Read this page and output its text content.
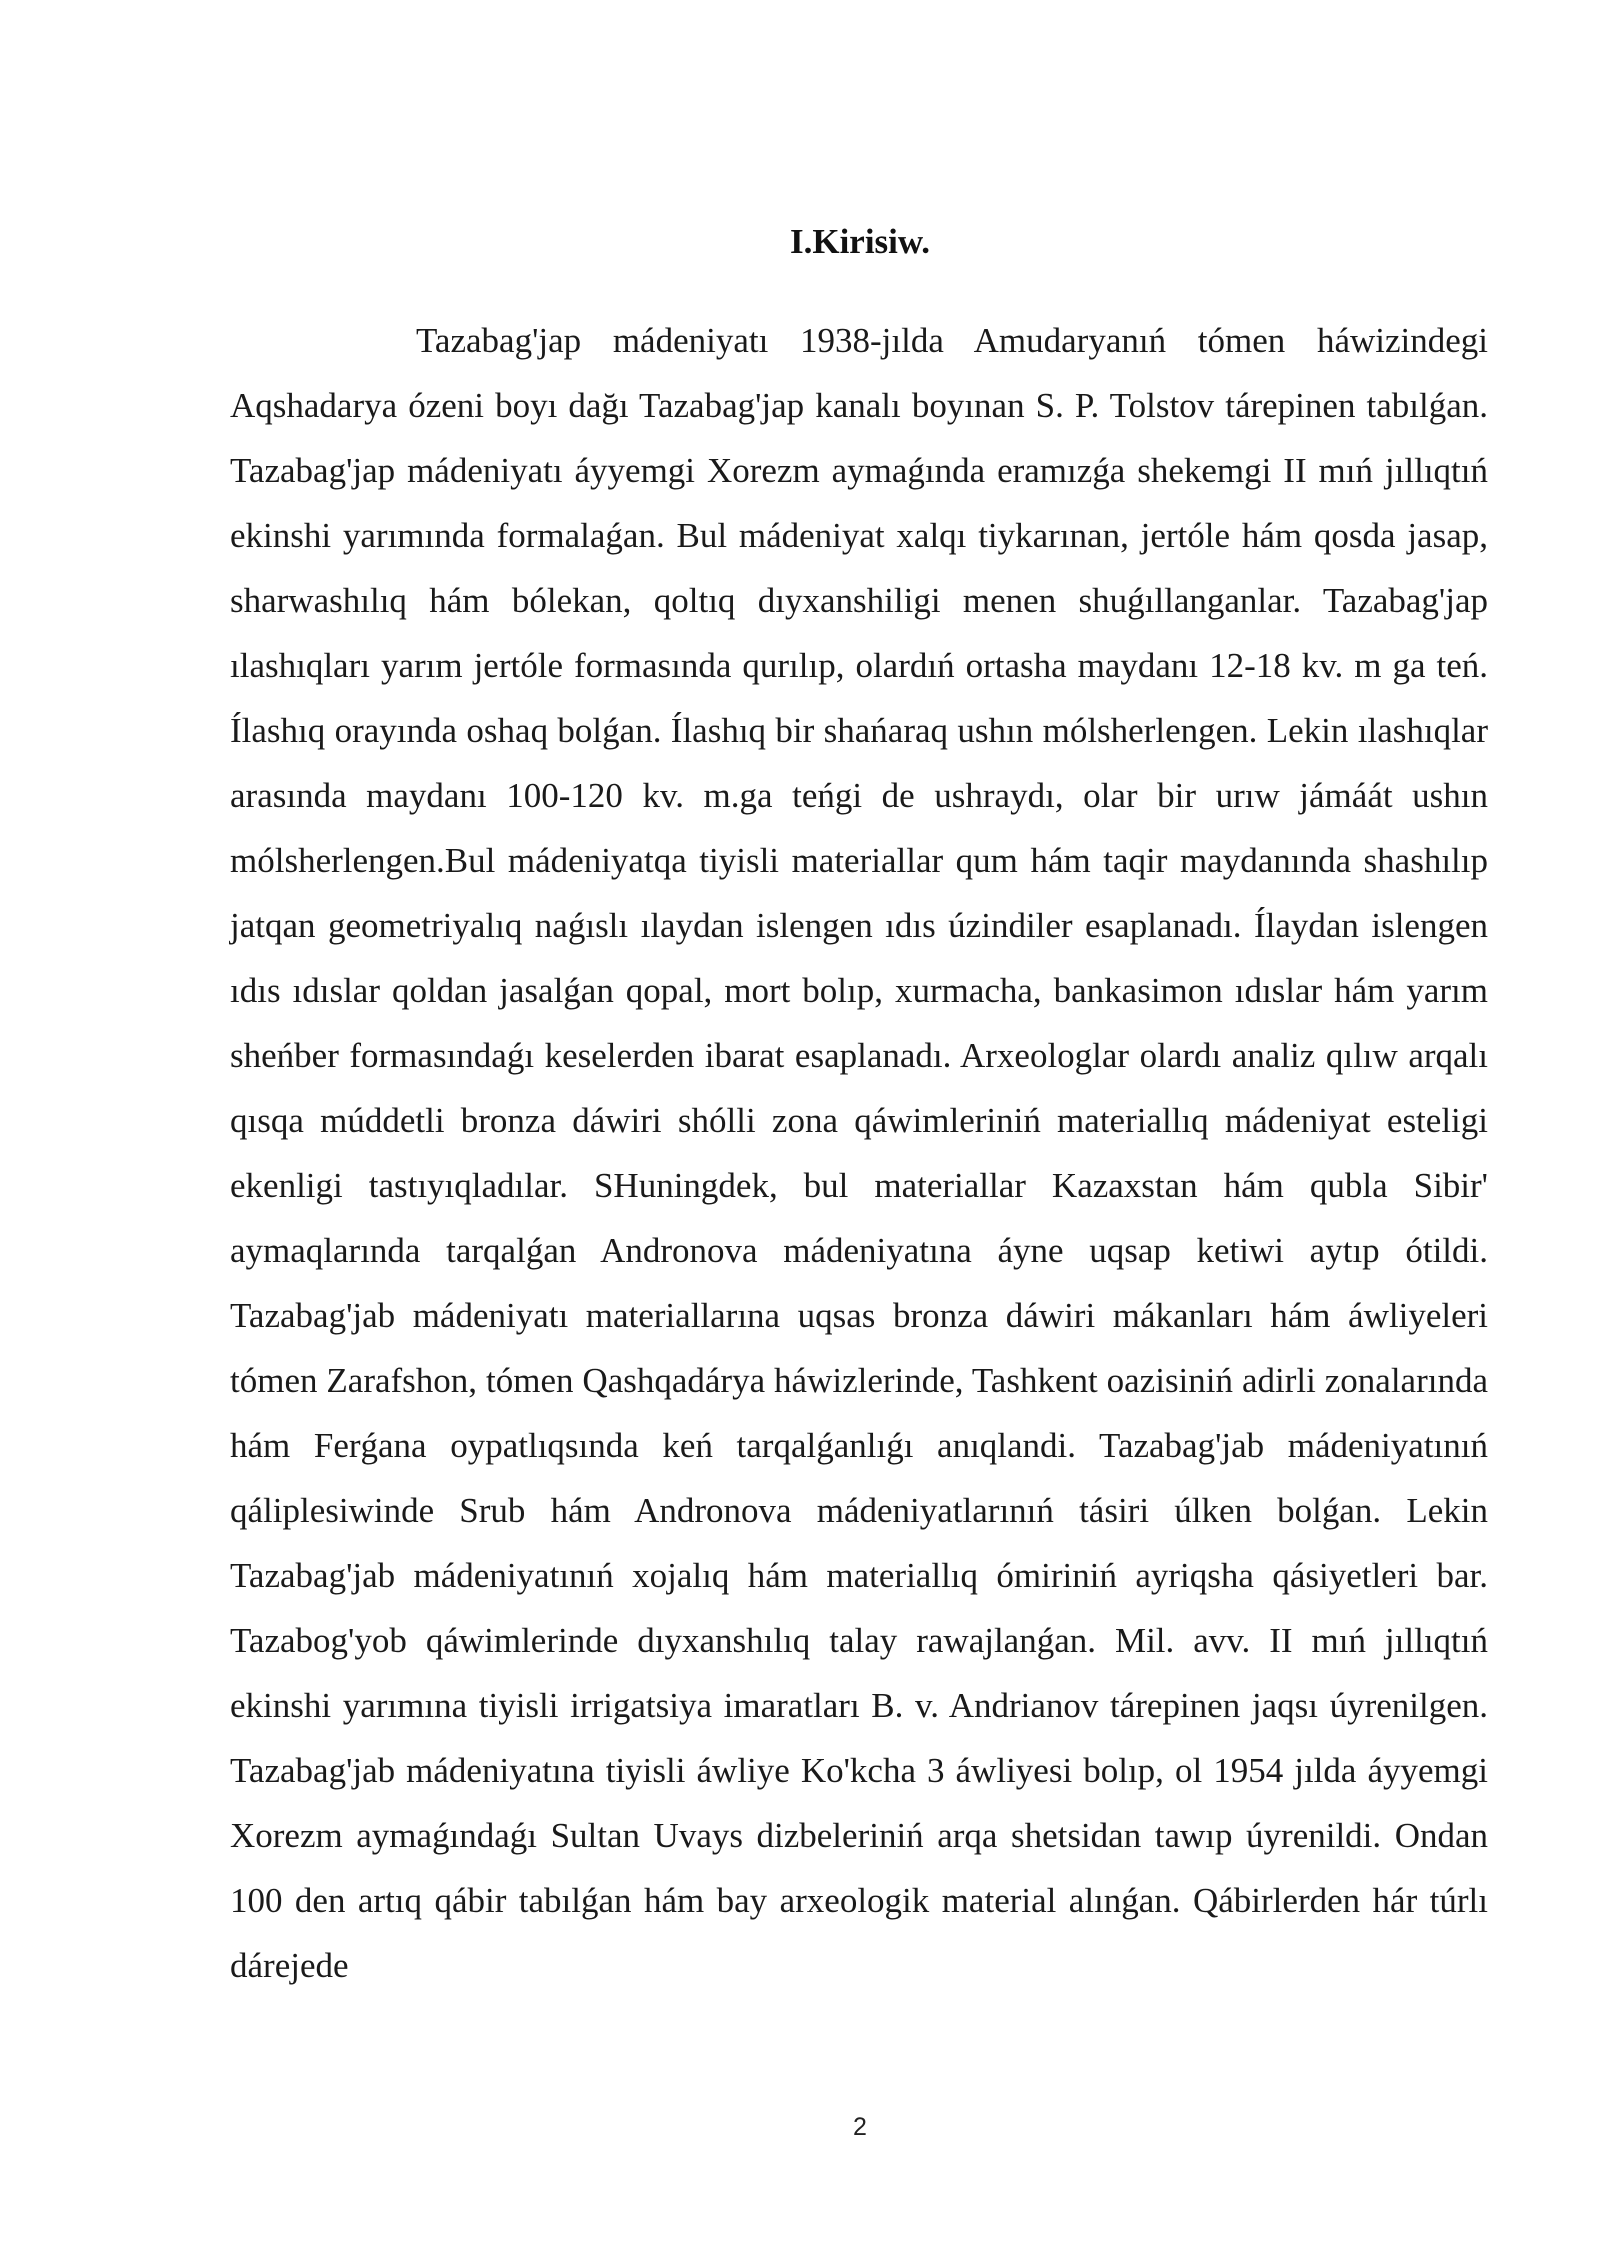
I.Kirisiw.

Tazabag'jap mádeniyatı 1938-jılda Amudaryanıń tómen háwizindegi Aqshadarya ózeni boyı dağı Tazabag'jap kanalı boyınan S. P. Tolstov tárepinen tabılǵan. Tazabag'jap mádeniyatı áyyemgi Xorezm aymaǵında eramızǵa shekemgi II mıń jıllıqtıń ekinshi yarımında formalaǵan. Bul mádeniyat xalqı tiykarınan, jertóle hám qosda jasap, sharwashılıq hám bólekan, qoltıq dıyxanshiligi menen shuǵıllanganlar. Tazabag'jap ılashıqları yarım jertóle formasında qurılıp, olardıń ortasha maydanı 12-18 kv. m ga teń. Ílashıq orayında oshaq bolǵan. Ílashıq bir shańaraq ushın mólsherlengen. Lekin ılashıqlar arasında maydanı 100-120 kv. m.ga teńgi de ushraydı, olar bir urıw jámáát ushın mólsherlengen.Bul mádeniyatqa tiyisli materiallar qum hám taqir maydanında shashılıp jatqan geometriyalıq naǵıslı ılaydan islengen ıdıs úzindiler esaplanadı. Ílaydan islengen ıdıs ıdıslar qoldan jasalǵan qopal, mort bolıp, xurmacha, bankasimon ıdıslar hám yarım sheńber formasındaǵı keselerden ibarat esaplanadı. Arxeologlar olardı analiz qılıw arqalı qısqa múddetli bronza dáwiri shólli zona qáwimleriniń materiallıq mádeniyat esteligi ekenligi tastıyıqladılar. SHuningdek, bul materiallar Kazaxstan hám qubla Sibir' aymaqlarında tarqalǵan Andronova mádeniyatına áyne uqsap ketiwi aytıp ótildi. Tazabag'jab mádeniyatı materiallarına uqsas bronza dáwiri mákanları hám áwliyeleri tómen Zarafshon, tómen Qashqadárya háwizlerinde, Tashkent oazisiniń adirli zonalarında hám Ferǵana oypatlıqsında keń tarqalǵanlıǵı anıqlandi. Tazabag'jab mádeniyatınıń qáliplesiwinde Srub hám Andronova mádeniyatlarınıń tásiri úlken bolǵan. Lekin Tazabag'jab mádeniyatınıń xojalıq hám materiallıq ómiriniń ayriqsha qásiyetleri bar. Tazabog'yob qáwimlerinde dıyxanshılıq talay rawajlanǵan. Mil. avv. II mıń jıllıqtıń ekinshi yarımına tiyisli irrigatsiya imaratları B. v. Andrianov tárepinen jaqsı úyrenilgen. Tazabag'jab mádeniyatına tiyisli áwliye Ko'kcha 3 áwliyesi bolıp, ol 1954 jılda áyyemgi Xorezm aymaǵındaǵı Sultan Uvays dizbeleriniń arqa shetsidan tawıp úyrenildi. Ondan 100 den artıq qábir tabılǵan hám bay arxeologik material alınǵan. Qábirlerden hár túrlı dárejede

2
